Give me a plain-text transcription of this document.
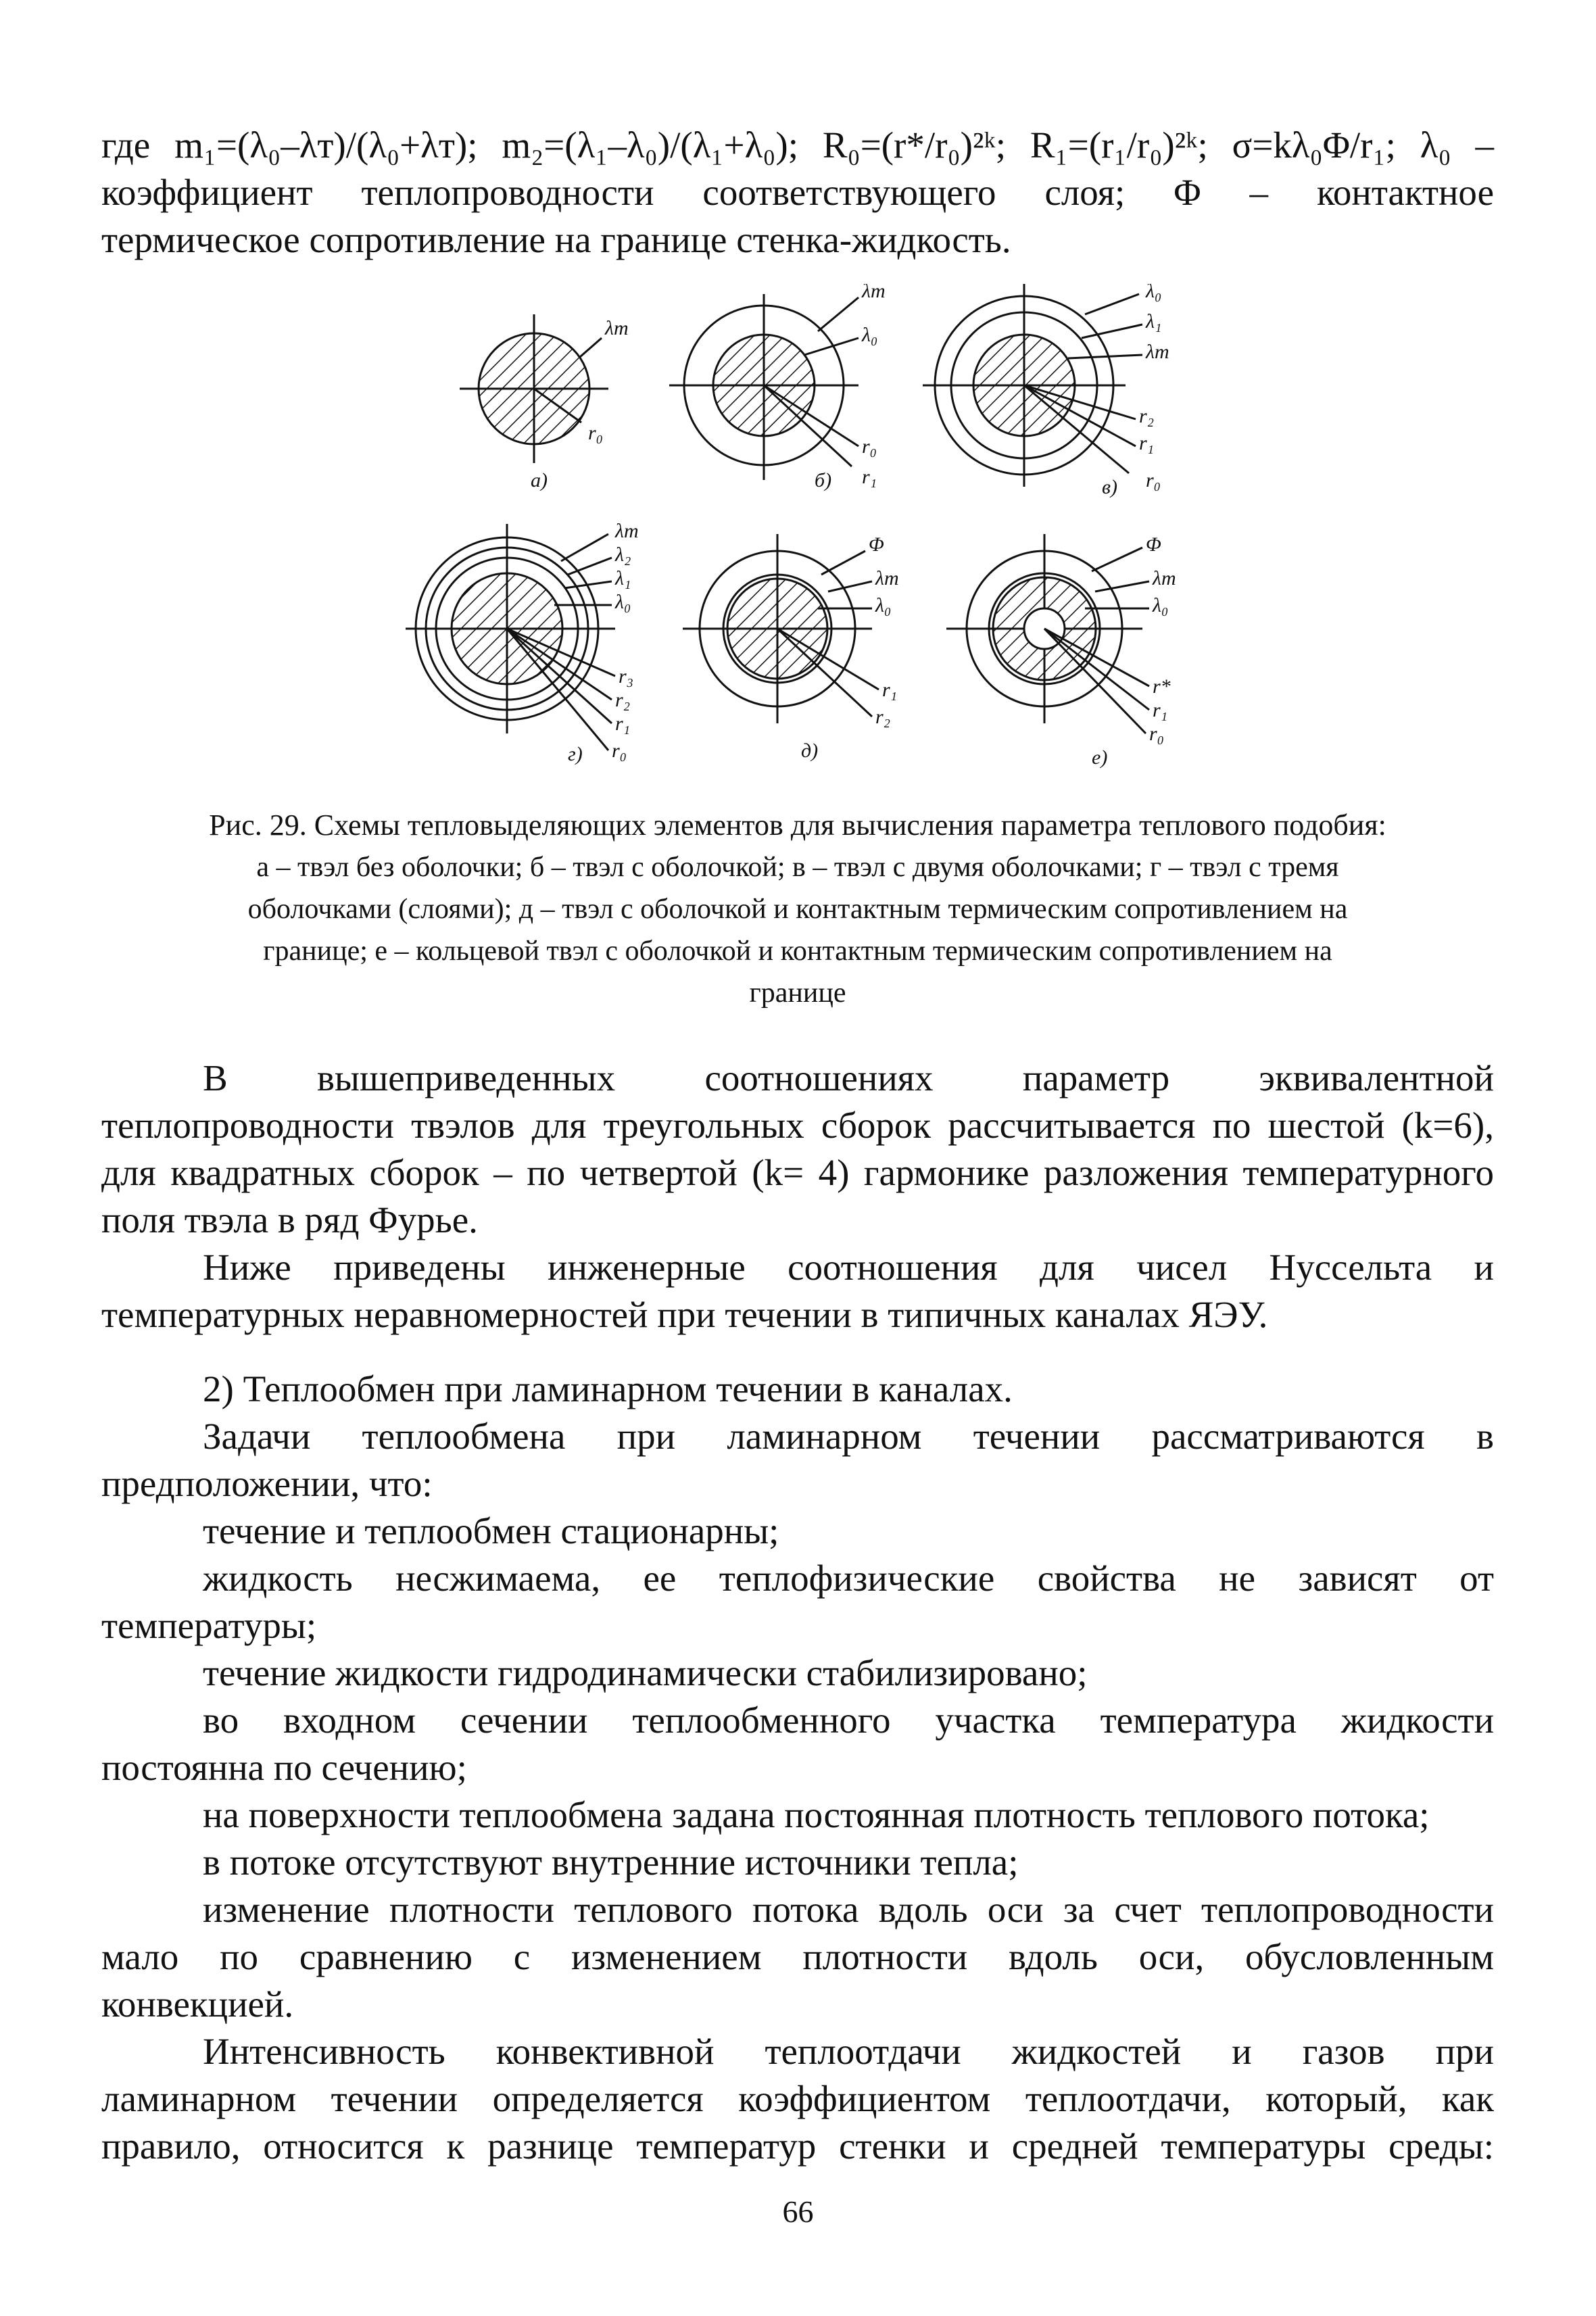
где m₁=(λ₀–λт)/(λ₀+λт); m₂=(λ₁–λ₀)/(λ₁+λ₀); R₀=(r*/r₀)²ᵏ; R₁=(r₁/r₀)²ᵏ; σ=kλ₀Φ/r₁; λ₀ –

коэффициент теплопроводности соответствующего слоя; Φ – контактное

термическое сопротивление на границе стенка-жидкость.

λт
r₀
а)
λт
λ₀
r₀
r₁
б)
λ₀
λ₁
λт
r₂
r₁
r₀
в)
λт
λ₂
λ₁
λ₀
r₃
r₂
r₁
r₀
г)
Φ
λт
λ₀
r₁
r₂
д)
Φ
λт
λ₀
r*
r₁
r₀
е)

Рис. 29. Схемы тепловыделяющих элементов для вычисления параметра теплового подобия:

а – твэл без оболочки; б – твэл с оболочкой; в – твэл с двумя оболочками; г – твэл с тремя

оболочками (слоями); д – твэл с оболочкой и контактным термическим сопротивлением на

границе; е – кольцевой твэл с оболочкой и контактным термическим сопротивлением на

границе

В вышеприведенных соотношениях параметр эквивалентной

теплопроводности твэлов для треугольных сборок рассчитывается по шестой (k=6),

для квадратных сборок – по четвертой (k= 4) гармонике разложения температурного

поля твэла в ряд Фурье.

Ниже приведены инженерные соотношения для чисел Нуссельта и

температурных неравномерностей при течении в типичных каналах ЯЭУ.

2) Теплообмен при ламинарном течении в каналах.

Задачи теплообмена при ламинарном течении рассматриваются в

предположении, что:

течение и теплообмен стационарны;

жидкость несжимаема, ее теплофизические свойства не зависят от

температуры;

течение жидкости гидродинамически стабилизировано;

во входном сечении теплообменного участка температура жидкости

постоянна по сечению;

на поверхности теплообмена задана постоянная плотность теплового потока;

в потоке отсутствуют внутренние источники тепла;

изменение плотности теплового потока вдоль оси за счет теплопроводности

мало по сравнению с изменением плотности вдоль оси, обусловленным

конвекцией.

Интенсивность конвективной теплоотдачи жидкостей и газов при

ламинарном течении определяется коэффициентом теплоотдачи, который, как

правило, относится к разнице температур стенки и средней температуры среды:

66
